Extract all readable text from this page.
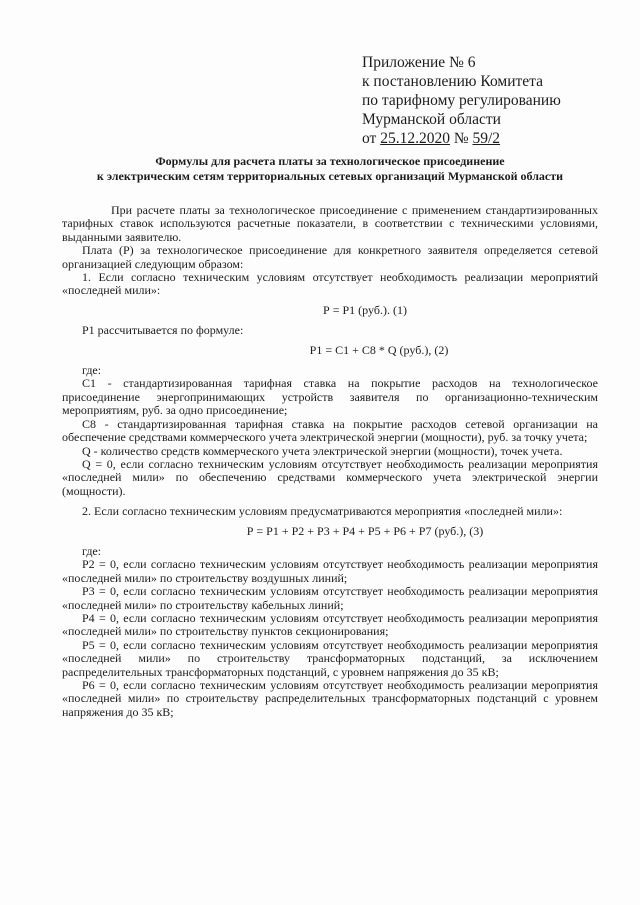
Приложение № 6
к постановлению Комитета
по тарифному регулированию
Мурманской области
от 25.12.2020 № 59/2
Формулы для расчета платы за технологическое присоединение
к электрическим сетям территориальных сетевых организаций Мурманской области

При расчете платы за технологическое присоединение с применением стандартизированных тарифных ставок используются расчетные показатели, в соответствии с техническими условиями, выданными заявителю.

Плата (Р) за технологическое присоединение для конкретного заявителя определяется сетевой организацией следующим образом:

1. Если согласно техническим условиям отсутствует необходимость реализации мероприятий «последней мили»:

Р = Р1 (руб.). (1)

Р1 рассчитывается по формуле:

Р1 = С1 + С8 * Q (руб.), (2)

где:

С1 - стандартизированная тарифная ставка на покрытие расходов на технологическое присоединение энергопринимающих устройств заявителя по организационно-техническим мероприятиям, руб. за одно присоединение;

С8 - стандартизированная тарифная ставка на покрытие расходов сетевой организации на обеспечение средствами коммерческого учета электрической энергии (мощности), руб. за точку учета;

Q - количество средств коммерческого учета электрической энергии (мощности), точек учета.

Q = 0, если согласно техническим условиям отсутствует необходимость реализации мероприятия «последней мили» по обеспечению средствами коммерческого учета электрической энергии (мощности).

2. Если согласно техническим условиям предусматриваются мероприятия «последней мили»:

Р = Р1 + Р2 + Р3 + Р4 + Р5 + Р6 + Р7 (руб.), (3)

где:

Р2 = 0, если согласно техническим условиям отсутствует необходимость реализации мероприятия «последней мили» по строительству воздушных линий;

Р3 = 0, если согласно техническим условиям отсутствует необходимость реализации мероприятия «последней мили» по строительству кабельных линий;

Р4 = 0, если согласно техническим условиям отсутствует необходимость реализации мероприятия «последней мили» по строительству пунктов секционирования;

Р5 = 0, если согласно техническим условиям отсутствует необходимость реализации мероприятия «последней мили» по строительству трансформаторных подстанций, за исключением распределительных трансформаторных подстанций, с уровнем напряжения до 35 кВ;

Р6 = 0, если согласно техническим условиям отсутствует необходимость реализации мероприятия «последней мили» по строительству распределительных трансформаторных подстанций с уровнем напряжения до 35 кВ;
